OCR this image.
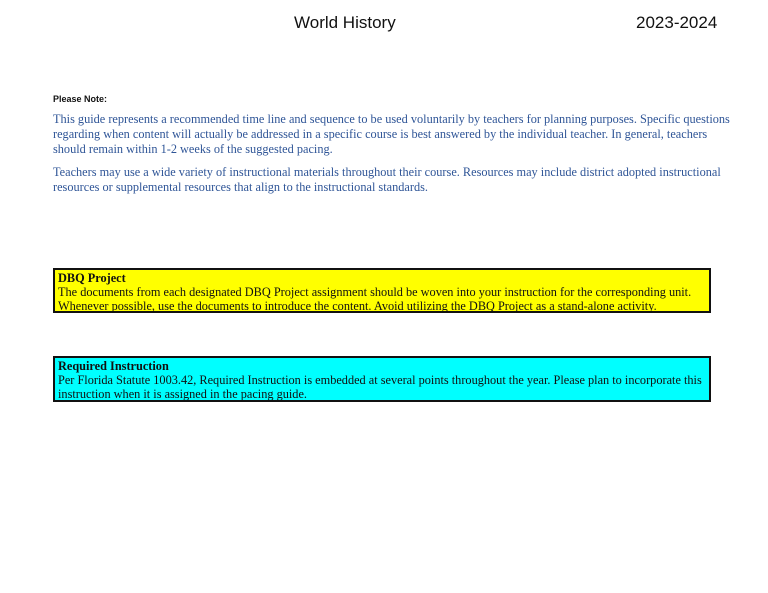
World History	2023-2024
Please Note:
This guide represents a recommended time line and sequence to be used voluntarily by teachers for planning purposes. Specific questions regarding when content will actually be addressed in a specific course is best answered by the individual teacher. In general, teachers should remain within 1-2 weeks of the suggested pacing.
Teachers may use a wide variety of instructional materials throughout their course. Resources may include district adopted instructional resources or supplemental resources that align to the instructional standards.
DBQ Project
The documents from each designated DBQ Project assignment should be woven into your instruction for the corresponding unit. Whenever possible, use the documents to introduce the content. Avoid utilizing the DBQ Project as a stand-alone activity.
Required Instruction
Per Florida Statute 1003.42, Required Instruction is embedded at several points throughout the year. Please plan to incorporate this instruction when it is assigned in the pacing guide.
